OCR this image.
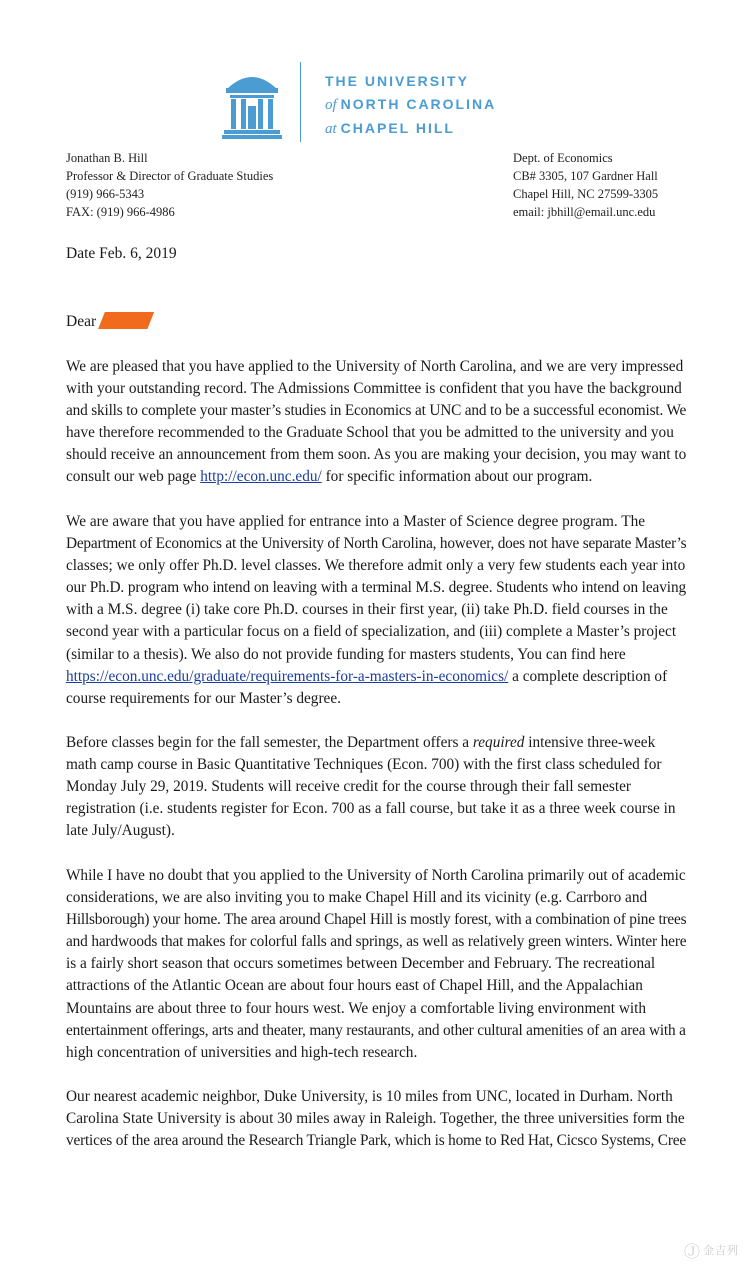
THE UNIVERSITY
of NORTH CAROLINA
at CHAPEL HILL
Jonathan B. Hill
Professor & Director of Graduate Studies
(919) 966-5343
FAX: (919) 966-4986
Dept. of Economics
CB# 3305, 107 Gardner Hall
Chapel Hill, NC 27599-3305
email: jbhill@email.unc.edu
Date Feb. 6, 2019
Dear
We are pleased that you have applied to the University of North Carolina, and we are very impressed
with your outstanding record. The Admissions Committee is confident that you have the background
and skills to complete your master’s studies in Economics at UNC and to be a successful economist. We
have therefore recommended to the Graduate School that you be admitted to the university and you
should receive an announcement from them soon. As you are making your decision, you may want to
consult our web page http://econ.unc.edu/ for specific information about our program.
We are aware that you have applied for entrance into a Master of Science degree program. The
Department of Economics at the University of North Carolina, however, does not have separate Master’s
classes; we only offer Ph.D. level classes. We therefore admit only a very few students each year into
our Ph.D. program who intend on leaving with a terminal M.S. degree. Students who intend on leaving
with a M.S. degree (i) take core Ph.D. courses in their first year, (ii) take Ph.D. field courses in the
second year with a particular focus on a field of specialization, and (iii) complete a Master’s project
(similar to a thesis). We also do not provide funding for masters students, You can find here
https://econ.unc.edu/graduate/requirements-for-a-masters-in-economics/ a complete description of
course requirements for our Master’s degree.
Before classes begin for the fall semester, the Department offers a required intensive three-week
math camp course in Basic Quantitative Techniques (Econ. 700) with the first class scheduled for
Monday July 29, 2019. Students will receive credit for the course through their fall semester
registration (i.e. students register for Econ. 700 as a fall course, but take it as a three week course in
late July/August).
While I have no doubt that you applied to the University of North Carolina primarily out of academic
considerations, we are also inviting you to make Chapel Hill and its vicinity (e.g. Carrboro and
Hillsborough) your home. The area around Chapel Hill is mostly forest, with a combination of pine trees
and hardwoods that makes for colorful falls and springs, as well as relatively green winters. Winter here
is a fairly short season that occurs sometimes between December and February. The recreational
attractions of the Atlantic Ocean are about four hours east of Chapel Hill, and the Appalachian
Mountains are about three to four hours west. We enjoy a comfortable living environment with
entertainment offerings, arts and theater, many restaurants, and other cultural amenities of an area with a
high concentration of universities and high-tech research.
Our nearest academic neighbor, Duke University, is 10 miles from UNC, located in Durham. North
Carolina State University is about 30 miles away in Raleigh. Together, the three universities form the
vertices of the area around the Research Triangle Park, which is home to Red Hat, Cicsco Systems, Cree
Ⓙ 金吉列
